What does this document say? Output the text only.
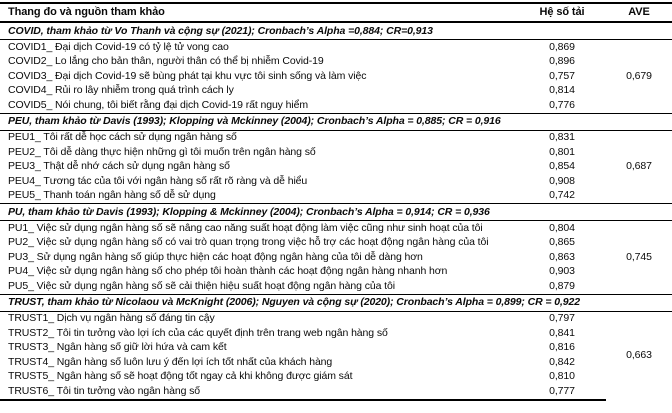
Thang đo và nguồn tham khảo	Hệ số tải	AVE
COVID, tham khảo từ Vo Thanh và cộng sự (2021); Cronbach’s Alpha =0,884; CR=0,913		
COVID1_ Đại dịch Covid-19 có tỷ lệ tử vong cao	0,869	0,679
COVID2_ Lo lắng cho bản thân, người thân có thể bị nhiễm Covid-19	0,896	
COVID3_ Đại dịch Covid-19 sẽ bùng phát tại khu vực tôi sinh sống và làm việc	0,757	
COVID4_ Rủi ro lây nhiễm trong quá trình cách ly	0,814	
COVID5_ Nói chung, tôi biết rằng đại dịch Covid-19 rất nguy hiểm	0,776	
PEU, tham khảo từ Davis (1993); Klopping và Mckinney (2004); Cronbach’s Alpha = 0,885; CR = 0,916		
PEU1_ Tôi rất dễ học cách sử dụng ngân hàng số	0,831	0,687
PEU2_ Tôi dễ dàng thực hiện những gì tôi muốn trên ngân hàng số	0,801	
PEU3_ Thật dễ nhớ cách sử dụng ngân hàng số	0,854	
PEU4_ Tương tác của tôi với ngân hàng số rất rõ ràng và dễ hiểu	0,908	
PEU5_ Thanh toán ngân hàng số dễ sử dụng	0,742	
PU, tham khảo từ Davis (1993); Klopping & Mckinney (2004); Cronbach’s Alpha = 0,914; CR = 0,936		
PU1_ Việc sử dụng ngân hàng số sẽ nâng cao năng suất hoạt động làm việc cũng như sinh hoạt của tôi	0,804	0,745
PU2_ Việc sử dụng ngân hàng số có vai trò quan trọng trong việc hỗ trợ các hoạt động ngân hàng của tôi	0,865	
PU3_ Sử dụng ngân hàng số giúp thực hiện các hoạt động ngân hàng của tôi dễ dàng hơn	0,863	
PU4_ Việc sử dụng ngân hàng số cho phép tôi hoàn thành các hoạt động ngân hàng nhanh hơn	0,903	
PU5_ Việc sử dụng ngân hàng số sẽ cải thiện hiệu suất hoạt động ngân hàng của tôi	0,879	
TRUST, tham khảo từ Nicolaou và McKnight (2006); Nguyen và cộng sự (2020); Cronbach’s Alpha = 0,899; CR = 0,922		
TRUST1_ Dịch vụ ngân hàng số đáng tin cậy	0,797	0,663
TRUST2_ Tôi tin tưởng vào lợi ích của các quyết định trên trang web ngân hàng số	0,841	
TRUST3_ Ngân hàng số giữ lời hứa và cam kết	0,816	
TRUST4_ Ngân hàng số luôn lưu ý đến lợi ích tốt nhất của khách hàng	0,842	
TRUST5_ Ngân hàng số sẽ hoạt động tốt ngay cả khi không được giám sát	0,810	
TRUST6_ Tôi tin tưởng vào ngân hàng số	0,777	
